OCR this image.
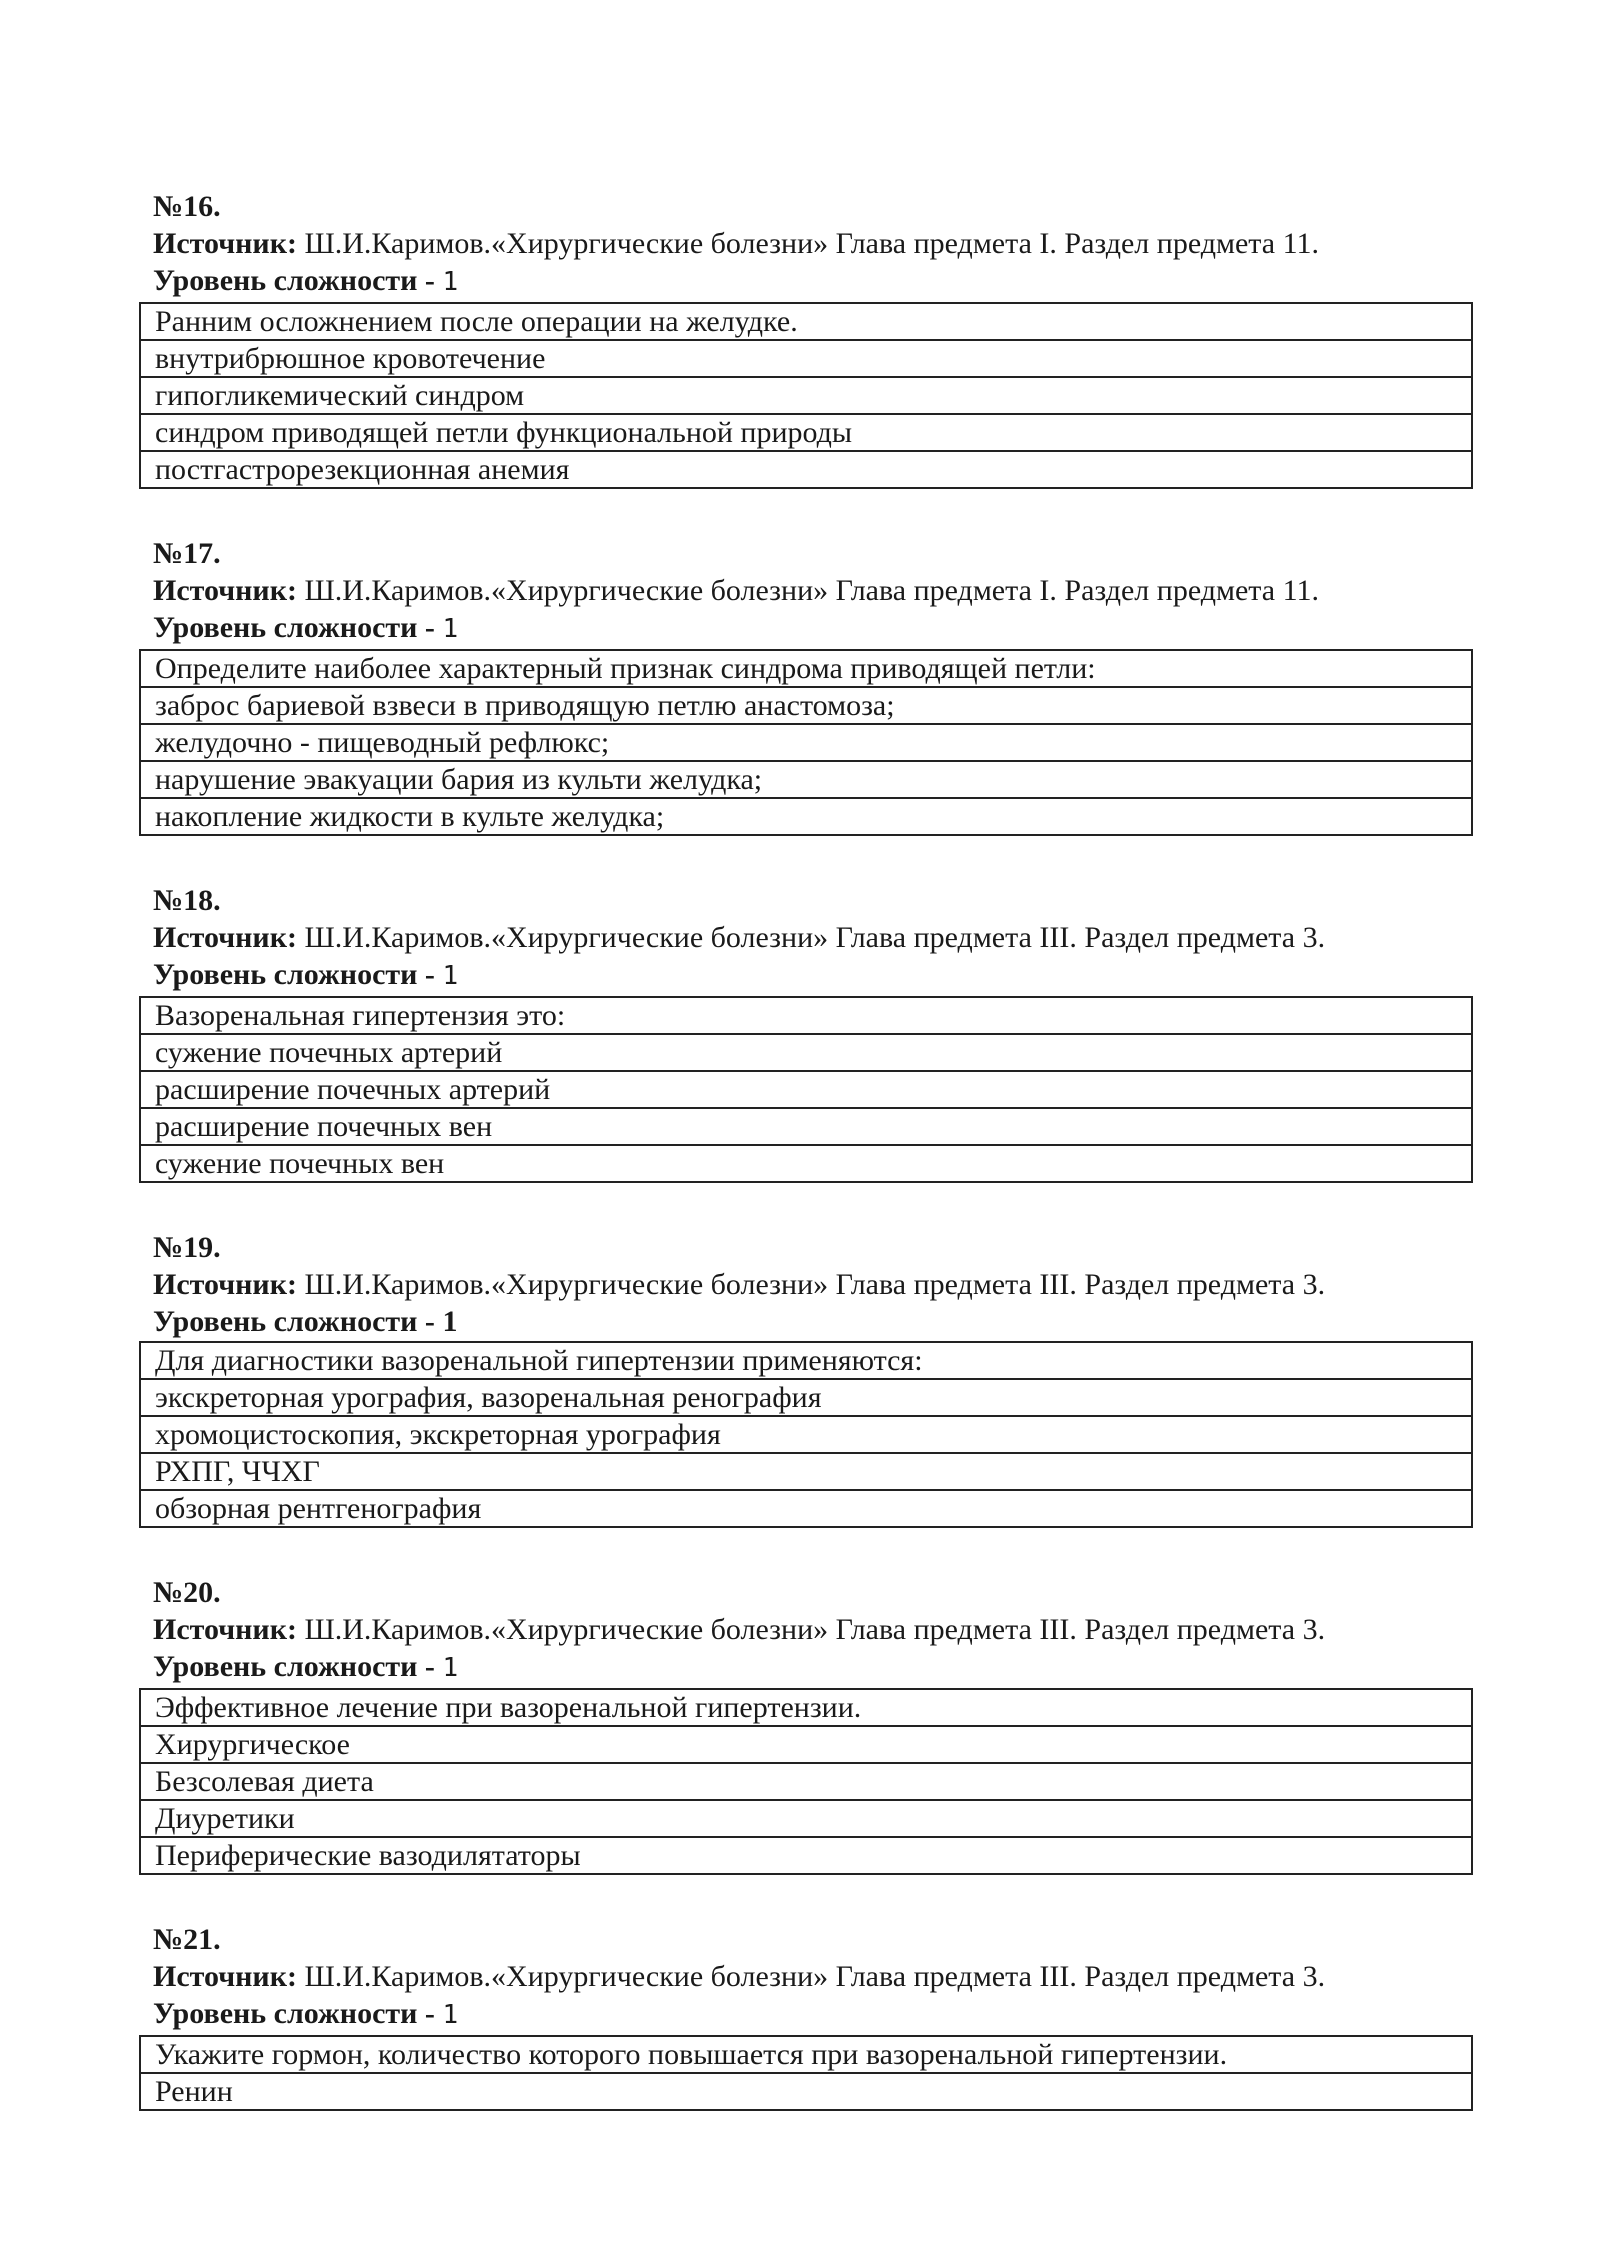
№16.
Источник: Ш.И.Каримов.«Хирургические болезни» Глава предмета I. Раздел предмета 11.
Уровень сложности - 1
Ранним осложнением после операции на желудке.
внутрибрюшное кровотечение
гипогликемический синдром
синдром приводящей петли функциональной природы
постгастрорезекционная анемия
№17.
Источник: Ш.И.Каримов.«Хирургические болезни» Глава предмета I. Раздел предмета 11.
Уровень сложности - 1
Определите наиболее характерный признак синдрома приводящей петли:
заброс бариевой взвеси в приводящую петлю анастомоза;
желудочно - пищеводный рефлюкс;
нарушение эвакуации бария из культи желудка;
накопление жидкости в культе желудка;
№18.
Источник: Ш.И.Каримов.«Хирургические болезни» Глава предмета III. Раздел предмета 3.
Уровень сложности - 1
Вазоренальная гипертензия это:
сужение почечных артерий
расширение почечных артерий
расширение почечных вен
сужение почечных вен
№19.
Источник: Ш.И.Каримов.«Хирургические болезни» Глава предмета III. Раздел предмета 3.
Уровень сложности - 1
Для диагностики вазоренальной гипертензии применяются:
экскреторная урография, вазоренальная ренография
хромоцистоскопия, экскреторная урография
РХПГ, ЧЧХГ
обзорная рентгенография
№20.
Источник: Ш.И.Каримов.«Хирургические болезни» Глава предмета III. Раздел предмета 3.
Уровень сложности - 1
Эффективное лечение при вазоренальной гипертензии.
Хирургическое
Безсолевая диета
Диуретики
Периферические вазодилятаторы
№21.
Источник: Ш.И.Каримов.«Хирургические болезни» Глава предмета III. Раздел предмета 3.
Уровень сложности - 1
Укажите гормон, количество которого повышается при вазоренальной гипертензии.
Ренин
